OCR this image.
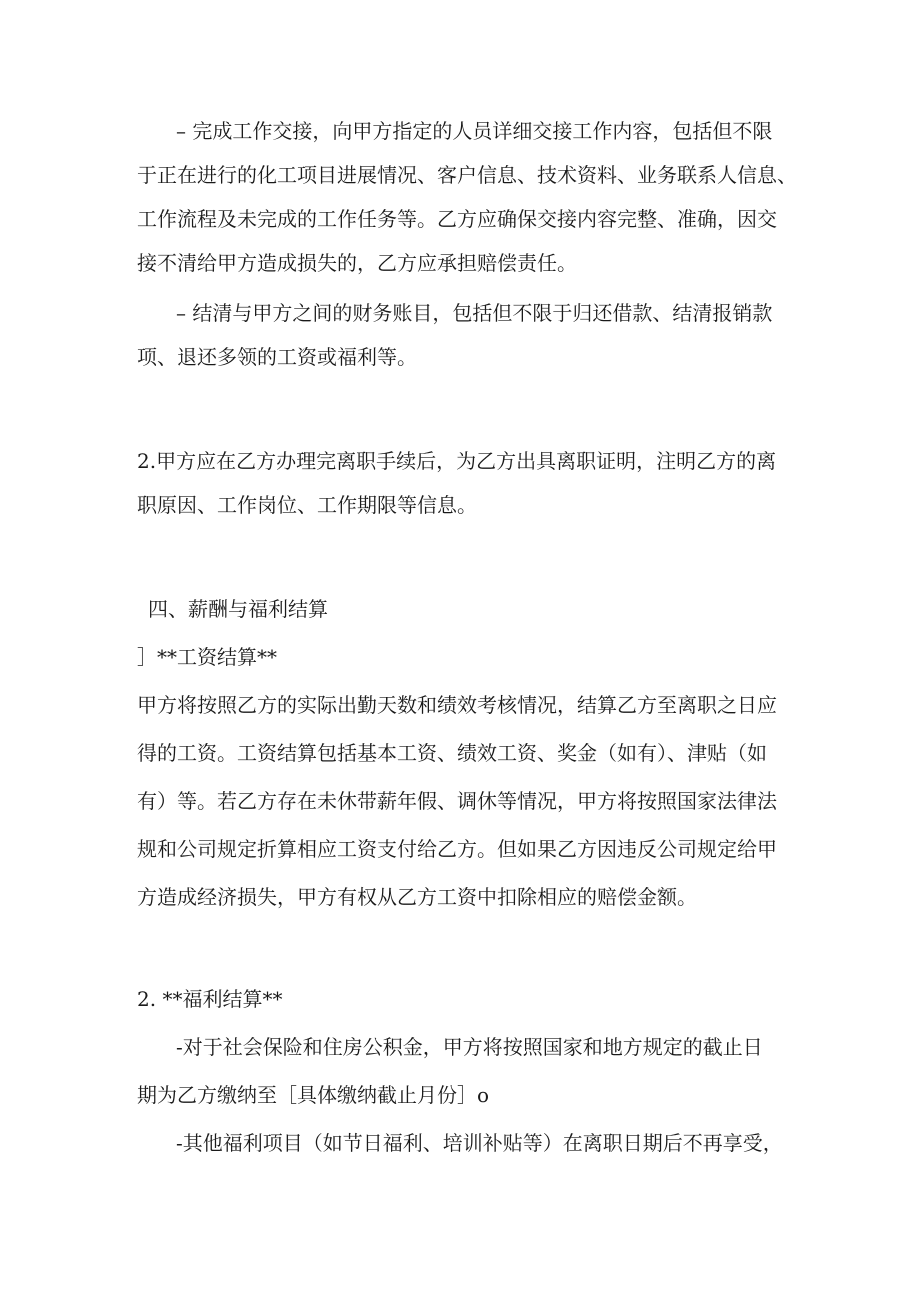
– 完成工作交接，向甲方指定的人员详细交接工作内容，包括但不限

于正在进行的化工项目进展情况、客户信息、技术资料、业务联系人信息、

工作流程及未完成的工作任务等。乙方应确保交接内容完整、准确，因交

接不清给甲方造成损失的，乙方应承担赔偿责任。

– 结清与甲方之间的财务账目，包括但不限于归还借款、结清报销款

项、退还多领的工资或福利等。

2.甲方应在乙方办理完离职手续后，为乙方出具离职证明，注明乙方的离

职原因、工作岗位、工作期限等信息。

四、薪酬与福利结算

］**工资结算**

甲方将按照乙方的实际出勤天数和绩效考核情况，结算乙方至离职之日应

得的工资。工资结算包括基本工资、绩效工资、奖金（如有）、津贴（如

有）等。若乙方存在未休带薪年假、调休等情况，甲方将按照国家法律法

规和公司规定折算相应工资支付给乙方。但如果乙方因违反公司规定给甲

方造成经济损失，甲方有权从乙方工资中扣除相应的赔偿金额。

2. **福利结算**

-对于社会保险和住房公积金，甲方将按照国家和地方规定的截止日

期为乙方缴纳至［具体缴纳截止月份］o

-其他福利项目（如节日福利、培训补贴等）在离职日期后不再享受，
